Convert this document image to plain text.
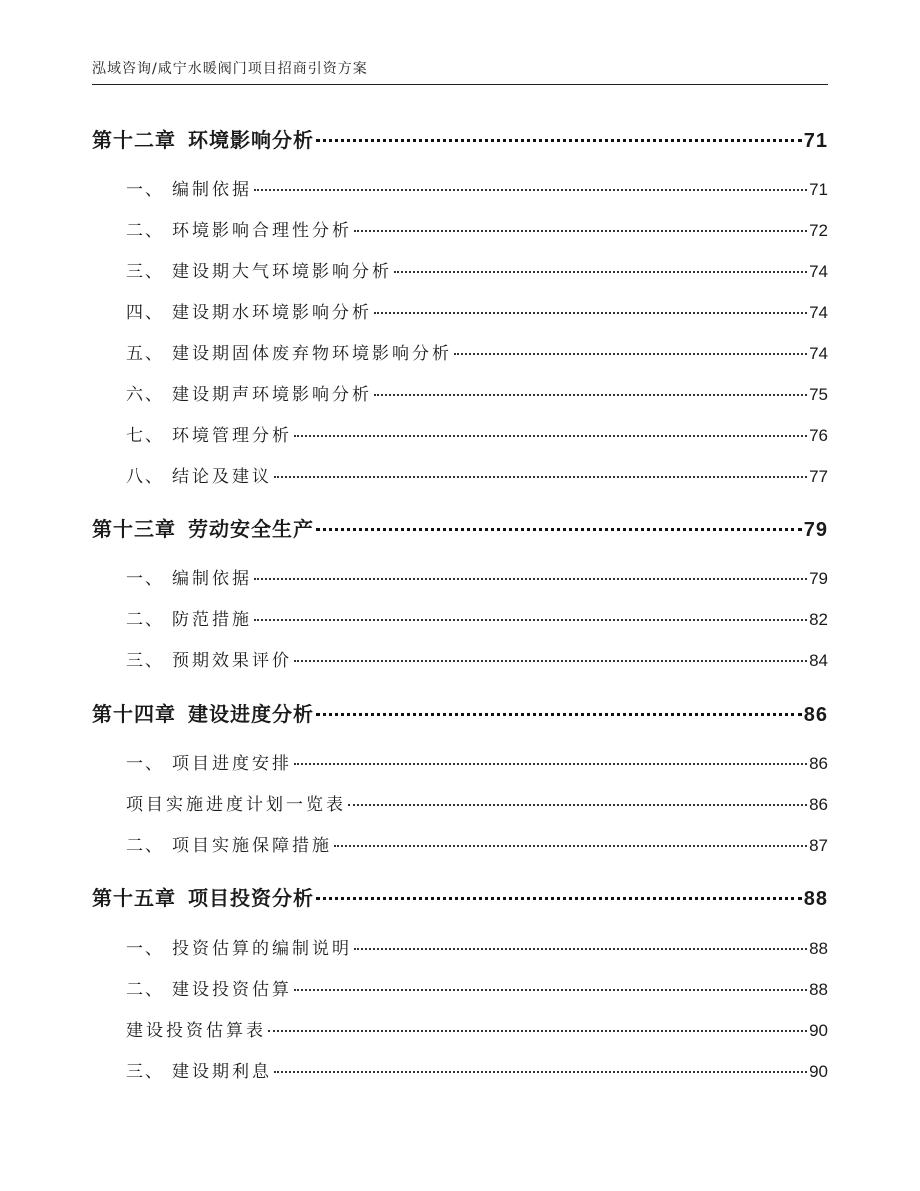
泓域咨询/咸宁水暖阀门项目招商引资方案
第十二章 环境影响分析	71
一、 编制依据	71
二、 环境影响合理性分析	72
三、 建设期大气环境影响分析	74
四、 建设期水环境影响分析	74
五、 建设期固体废弃物环境影响分析	74
六、 建设期声环境影响分析	75
七、 环境管理分析	76
八、 结论及建议	77
第十三章 劳动安全生产	79
一、 编制依据	79
二、 防范措施	82
三、 预期效果评价	84
第十四章 建设进度分析	86
一、 项目进度安排	86
项目实施进度计划一览表	86
二、 项目实施保障措施	87
第十五章 项目投资分析	88
一、 投资估算的编制说明	88
二、 建设投资估算	88
建设投资估算表	90
三、 建设期利息	90
